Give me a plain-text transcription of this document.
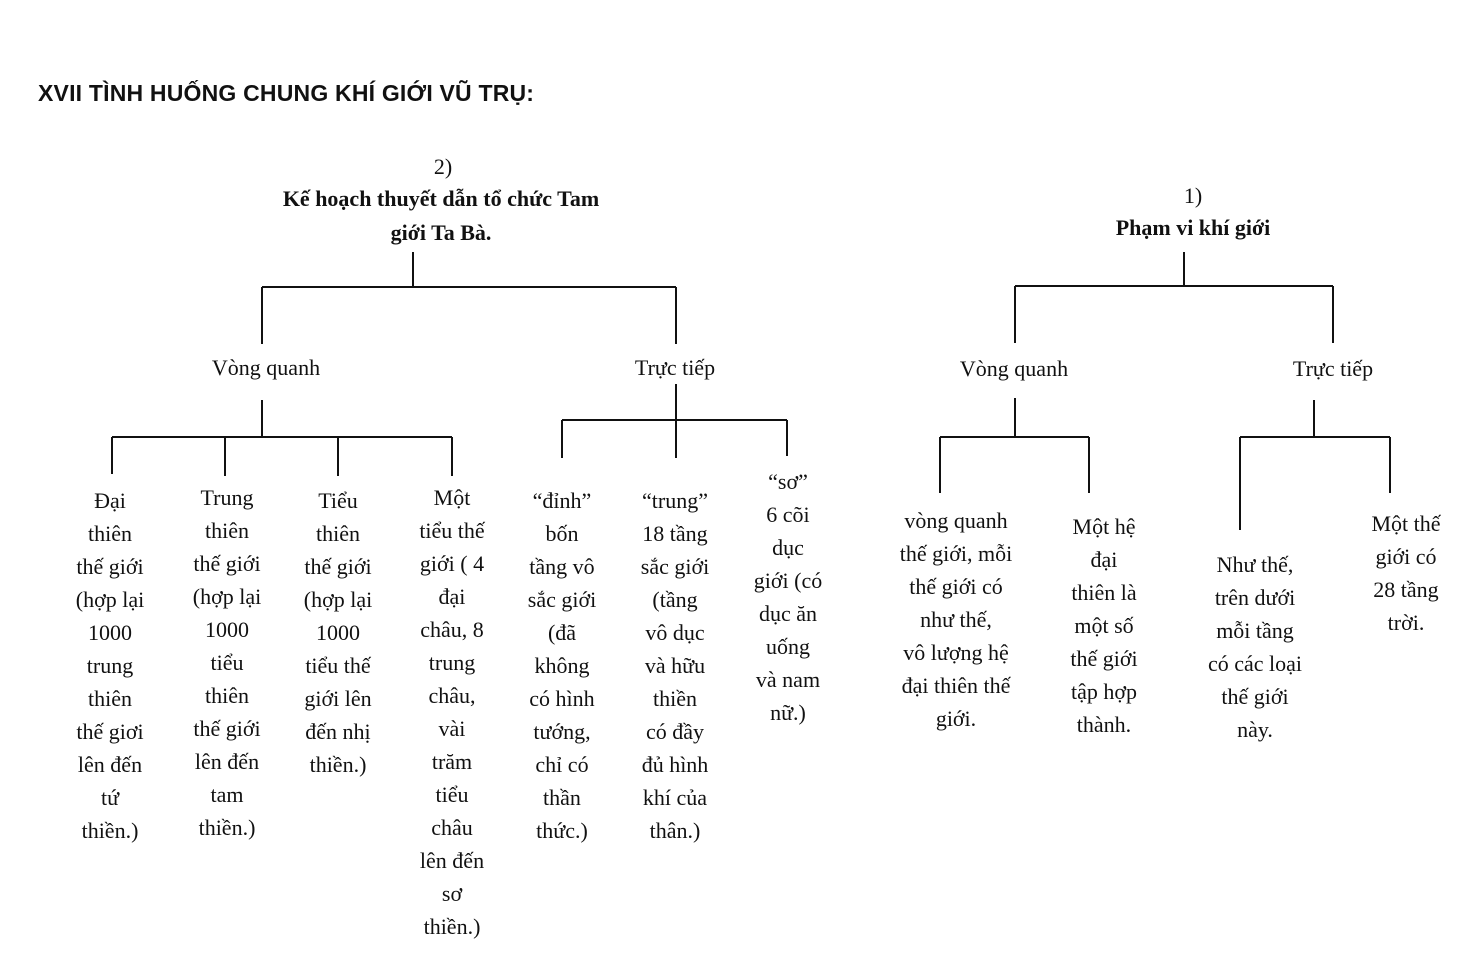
XVII TÌNH HUỐNG CHUNG KHÍ GIỚI VŨ TRỤ:
2)
Kế hoạch thuyết dẫn tổ chức Tam
giới Ta Bà.
Vòng quanh	Trực tiếp
Đại
thiên
thế giới
(hợp lại
1000
trung
thiên
thế giơi
lên đến
tứ
thiền.)
Trung
thiên
thế giới
(hợp lại
1000
tiểu
thiên
thế giới
lên đến
tam
thiền.)
Tiểu
thiên
thế giới
(hợp lại
1000
tiểu thế
giới lên
đến nhị
thiền.)
Một
tiểu thế
giới ( 4
đại
châu, 8
trung
châu,
vài
trăm
tiểu
châu
lên đến
sơ
thiền.)
“đỉnh”
bốn
tầng vô
sắc giới
(đã
không
có hình
tướng,
chỉ có
thần
thức.)
“trung”
18 tầng
sắc giới
(tầng
vô dục
và hữu
thiền
có đầy
đủ hình
khí của
thân.)
“sơ”
6 cõi
dục
giới (có
dục ăn
uống
và nam
nữ.)
1)
Phạm vi khí giới
Vòng quanh	Trực tiếp
vòng quanh
thế giới, mỗi
thế giới có
như thế,
vô lượng hệ
đại thiên thế
giới.
Một hệ
đại
thiên là
một số
thế giới
tập hợp
thành.
Như thế,
trên dưới
mỗi tầng
có các loại
thế giới
này.
Một thế
giới có
28 tầng
trời.
